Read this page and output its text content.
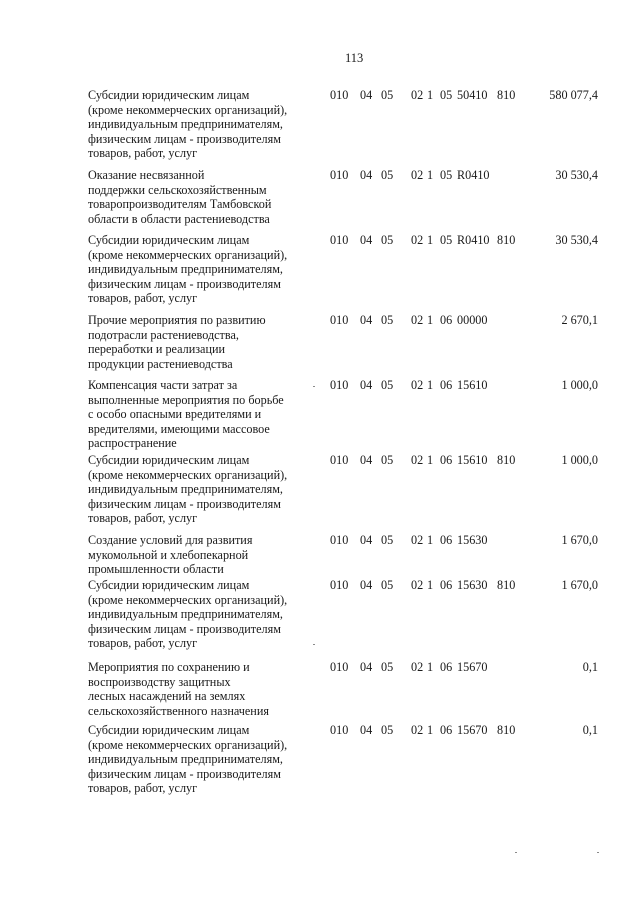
113
Субсидии юридическим лицам
(кроме некоммерческих организаций),
индивидуальным предпринимателям,
физическим лицам - производителям
товаров, работ, услуг
010 04 05 02 1 05 50410 810	580 077,4
Оказание несвязанной
поддержки сельскохозяйственным
товаропроизводителям Тамбовской
области в области растениеводства
010 04 05 02 1 05 R0410	30 530,4
Субсидии юридическим лицам
(кроме некоммерческих организаций),
индивидуальным предпринимателям,
физическим лицам - производителям
товаров, работ, услуг
010 04 05 02 1 05 R0410 810	30 530,4
Прочие мероприятия по развитию
подотрасли растениеводства,
переработки и реализации
продукции растениеводства
010 04 05 02 1 06 00000	2 670,1
Компенсация части затрат за
выполненные мероприятия по борьбе
с особо опасными вредителями и
вредителями, имеющими массовое
распространение
010 04 05 02 1 06 15610	1 000,0
Субсидии юридическим лицам
(кроме некоммерческих организаций),
индивидуальным предпринимателям,
физическим лицам - производителям
товаров, работ, услуг
010 04 05 02 1 06 15610 810	1 000,0
Создание условий для развития
мукомольной и хлебопекарной
промышленности области
010 04 05 02 1 06 15630	1 670,0
Субсидии юридическим лицам
(кроме некоммерческих организаций),
индивидуальным предпринимателям,
физическим лицам - производителям
товаров, работ, услуг
010 04 05 02 1 06 15630 810	1 670,0
Мероприятия по сохранению и
воспроизводству защитных
лесных насаждений на землях
сельскохозяйственного назначения
010 04 05 02 1 06 15670	0,1
Субсидии юридическим лицам
(кроме некоммерческих организаций),
индивидуальным предпринимателям,
физическим лицам - производителям
товаров, работ, услуг
010 04 05 02 1 06 15670 810	0,1
